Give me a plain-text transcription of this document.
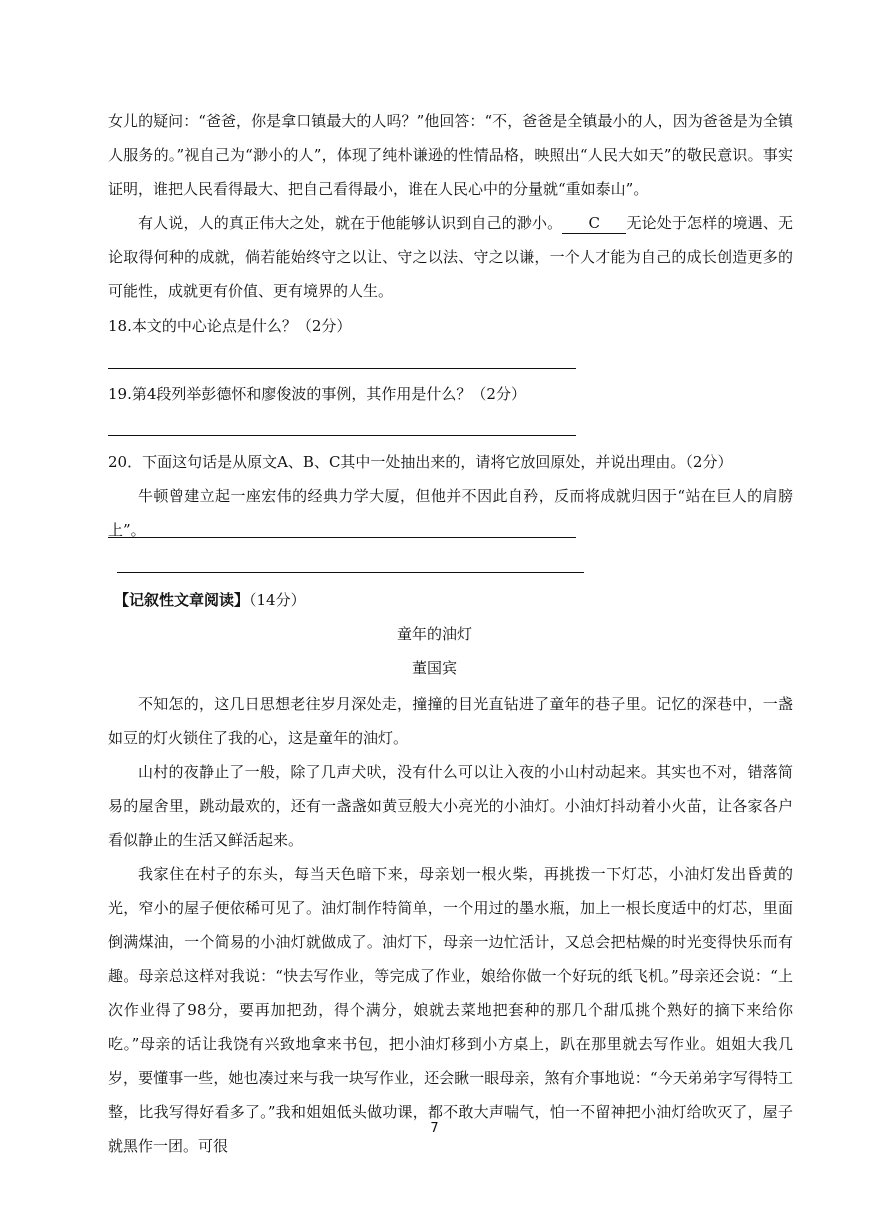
女儿的疑问：“爸爸，你是拿口镇最大的人吗？”他回答：“不，爸爸是全镇最小的人，因为爸爸是为全镇人服务的。”视自己为“渺小的人”，体现了纯朴谦逊的性情品格，映照出“人民大如天”的敬民意识。事实证明，谁把人民看得最大、把自己看得最小，谁在人民心中的分量就“重如泰山”。

有人说，人的真正伟大之处，就在于他能够认识到自己的渺小。 C 无论处于怎样的境遇、无论取得何种的成就，倘若能始终守之以让、守之以法、守之以谦，一个人才能为自己的成长创造更多的可能性，成就更有价值、更有境界的人生。

18.本文的中心论点是什么？（2分）

19.第4段列举彭德怀和廖俊波的事例，其作用是什么？（2分）

20．下面这句话是从原文A、B、C其中一处抽出来的，请将它放回原处，并说出理由。（2分）

牛顿曾建立起一座宏伟的经典力学大厦，但他并不因此自矜，反而将成就归因于“站在巨人的肩膀上”。

【记叙性文章阅读】（14分）

童年的油灯

董国宾

不知怎的，这几日思想老往岁月深处走，撞撞的目光直钻进了童年的巷子里。记忆的深巷中，一盏如豆的灯火锁住了我的心，这是童年的油灯。

山村的夜静止了一般，除了几声犬吠，没有什么可以让入夜的小山村动起来。其实也不对，错落简易的屋舍里，跳动最欢的，还有一盏盏如黄豆般大小亮光的小油灯。小油灯抖动着小火苗，让各家各户看似静止的生活又鲜活起来。

我家住在村子的东头，每当天色暗下来，母亲划一根火柴，再挑拨一下灯芯，小油灯发出昏黄的光，窄小的屋子便依稀可见了。油灯制作特简单，一个用过的墨水瓶，加上一根长度适中的灯芯，里面倒满煤油，一个简易的小油灯就做成了。油灯下，母亲一边忙活计，又总会把枯燥的时光变得快乐而有趣。母亲总这样对我说：“快去写作业，等完成了作业，娘给你做一个好玩的纸飞机。”母亲还会说：“上次作业得了98分，要再加把劲，得个满分，娘就去菜地把套种的那几个甜瓜挑个熟好的摘下来给你吃。”母亲的话让我饶有兴致地拿来书包，把小油灯移到小方桌上，趴在那里就去写作业。姐姐大我几岁，要懂事一些，她也凑过来与我一块写作业，还会瞅一眼母亲，煞有介事地说：“今天弟弟字写得特工整，比我写得好看多了。”我和姐姐低头做功课，都不敢大声喘气，怕一不留神把小油灯给吹灭了，屋子就黑作一团。可很

7
